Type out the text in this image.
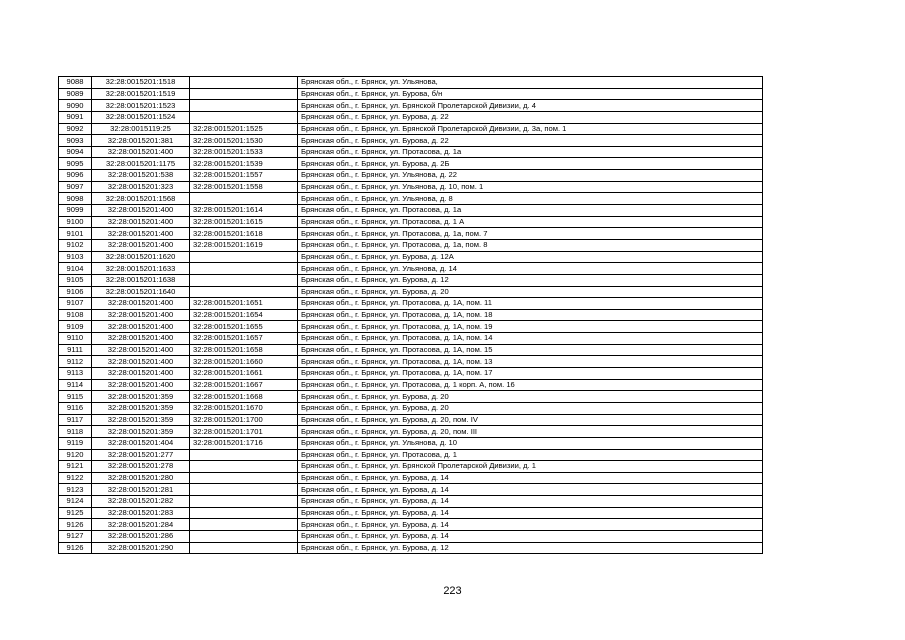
9088	32:28:0015201:1518		Брянская обл., г. Брянск, ул. Ульянова,
9089	32:28:0015201:1519		Брянская обл., г. Брянск, ул. Бурова, б/н
9090	32:28:0015201:1523		Брянская обл., г. Брянск, ул. Брянской Пролетарской Дивизии, д. 4
9091	32:28:0015201:1524		Брянская обл., г. Брянск, ул. Бурова, д. 22
9092	32:28:0015119:25	32:28:0015201:1525	Брянская обл., г. Брянск, ул. Брянской Пролетарской Дивизии, д. 3а, пом. 1
9093	32:28:0015201:381	32:28:0015201:1530	Брянская обл., г. Брянск, ул. Бурова, д. 22
9094	32:28:0015201:400	32:28:0015201:1533	Брянская обл., г. Брянск, ул. Протасова, д. 1а
9095	32:28:0015201:1175	32:28:0015201:1539	Брянская обл., г. Брянск, ул. Бурова, д. 2Б
9096	32:28:0015201:538	32:28:0015201:1557	Брянская обл., г. Брянск, ул. Ульянова, д. 22
9097	32:28:0015201:323	32:28:0015201:1558	Брянская обл., г. Брянск, ул. Ульянова, д. 10, пом. 1
9098	32:28:0015201:1568		Брянская обл., г. Брянск, ул. Ульянова, д. 8
9099	32:28:0015201:400	32:28:0015201:1614	Брянская обл., г. Брянск, ул. Протасова, д. 1а
9100	32:28:0015201:400	32:28:0015201:1615	Брянская обл., г. Брянск, ул. Протасова, д. 1 А
9101	32:28:0015201:400	32:28:0015201:1618	Брянская обл., г. Брянск, ул. Протасова, д. 1а, пом. 7
9102	32:28:0015201:400	32:28:0015201:1619	Брянская обл., г. Брянск, ул. Протасова, д. 1а, пом. 8
9103	32:28:0015201:1620		Брянская обл., г. Брянск, ул. Бурова, д. 12А
9104	32:28:0015201:1633		Брянская обл., г. Брянск, ул. Ульянова, д. 14
9105	32:28:0015201:1638		Брянская обл., г. Брянск, ул. Бурова, д. 12
9106	32:28:0015201:1640		Брянская обл., г. Брянск, ул. Бурова, д. 20
9107	32:28:0015201:400	32:28:0015201:1651	Брянская обл., г. Брянск, ул. Протасова, д. 1А, пом. 11
9108	32:28:0015201:400	32:28:0015201:1654	Брянская обл., г. Брянск, ул. Протасова, д. 1А, пом. 18
9109	32:28:0015201:400	32:28:0015201:1655	Брянская обл., г. Брянск, ул. Протасова, д. 1А, пом. 19
9110	32:28:0015201:400	32:28:0015201:1657	Брянская обл., г. Брянск, ул. Протасова, д. 1А, пом. 14
9111	32:28:0015201:400	32:28:0015201:1658	Брянская обл., г. Брянск, ул. Протасова, д. 1А, пом. 15
9112	32:28:0015201:400	32:28:0015201:1660	Брянская обл., г. Брянск, ул. Протасова, д. 1А, пом. 13
9113	32:28:0015201:400	32:28:0015201:1661	Брянская обл., г. Брянск, ул. Протасова, д. 1А, пом. 17
9114	32:28:0015201:400	32:28:0015201:1667	Брянская обл., г. Брянск, ул. Протасова, д. 1 корп. А, пом. 16
9115	32:28:0015201:359	32:28:0015201:1668	Брянская обл., г. Брянск, ул. Бурова, д. 20
9116	32:28:0015201:359	32:28:0015201:1670	Брянская обл., г. Брянск, ул. Бурова, д. 20
9117	32:28:0015201:359	32:28:0015201:1700	Брянская обл., г. Брянск, ул. Бурова, д. 20, пом. IV
9118	32:28:0015201:359	32:28:0015201:1701	Брянская обл., г. Брянск, ул. Бурова, д. 20, пом. III
9119	32:28:0015201:404	32:28:0015201:1716	Брянская обл., г. Брянск, ул. Ульянова, д. 10
9120	32:28:0015201:277		Брянская обл., г. Брянск, ул. Протасова, д. 1
9121	32:28:0015201:278		Брянская обл., г. Брянск, ул. Брянской Пролетарской Дивизии, д. 1
9122	32:28:0015201:280		Брянская обл., г. Брянск, ул. Бурова, д. 14
9123	32:28:0015201:281		Брянская обл., г. Брянск, ул. Бурова, д. 14
9124	32:28:0015201:282		Брянская обл., г. Брянск, ул. Бурова, д. 14
9125	32:28:0015201:283		Брянская обл., г. Брянск, ул. Бурова, д. 14
9126	32:28:0015201:284		Брянская обл., г. Брянск, ул. Бурова, д. 14
9127	32:28:0015201:286		Брянская обл., г. Брянск, ул. Бурова, д. 14
9126	32:28:0015201:290		Брянская обл., г. Брянск, ул. Бурова, д. 12
223
